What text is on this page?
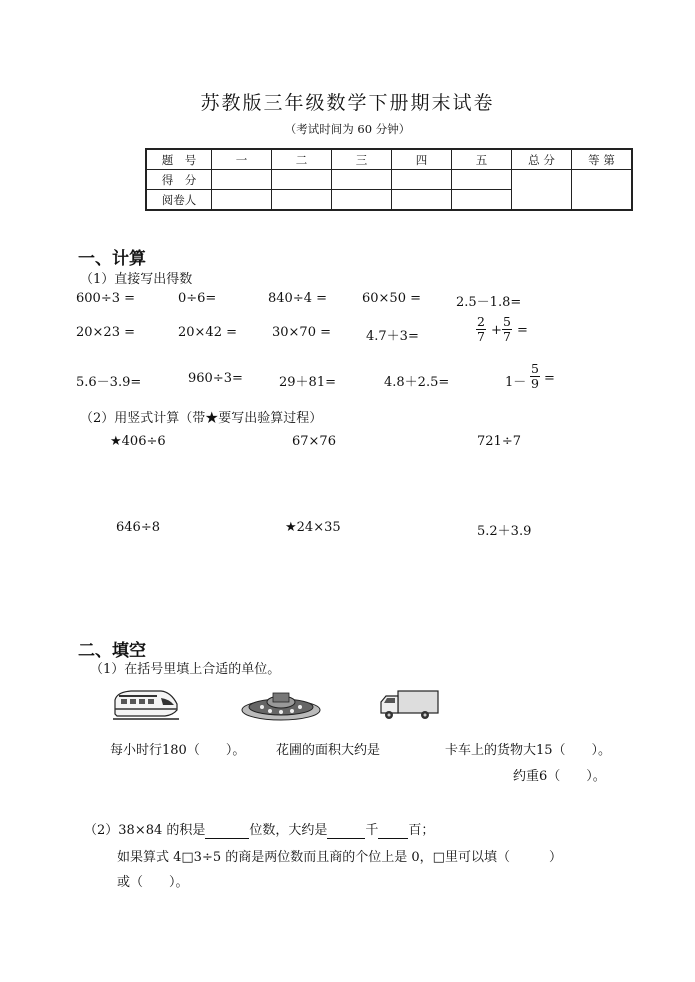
苏教版三年级数学下册期末试卷
（考试时间为 60 分钟）
题　号	一	二	三	四	五	总 分	等 第
得　分							
阅卷人							
一、计算
（1）直接写出得数
600÷3 =	0÷6=	840÷4 =	60×50 =	2.5－1.8=
20×23 =	20×42 =	30×70 =	4.7＋3=	$\frac{2}{7} + \frac{5}{7}$ =
5.6－3.9=	960÷3=	29＋81=	4.8＋2.5=	$1- \frac{5}{9}$ =
（2）用竖式计算（带★要写出验算过程）
★406÷6	67×76	721÷7
646÷8	★24×35	5.2＋3.9
二、填空
（1）在括号里填上合适的单位。
每小时行180（　　）。 花圃的面积大约是	卡车上的货物大15（　　）。
约重6（　　）。
（2）38×84 的积是	位数，大约是	千 百；
如果算式 4□3÷5 的商是两位数而且商的个位上是 0，□里可以填（　　　）
或（　　）。
